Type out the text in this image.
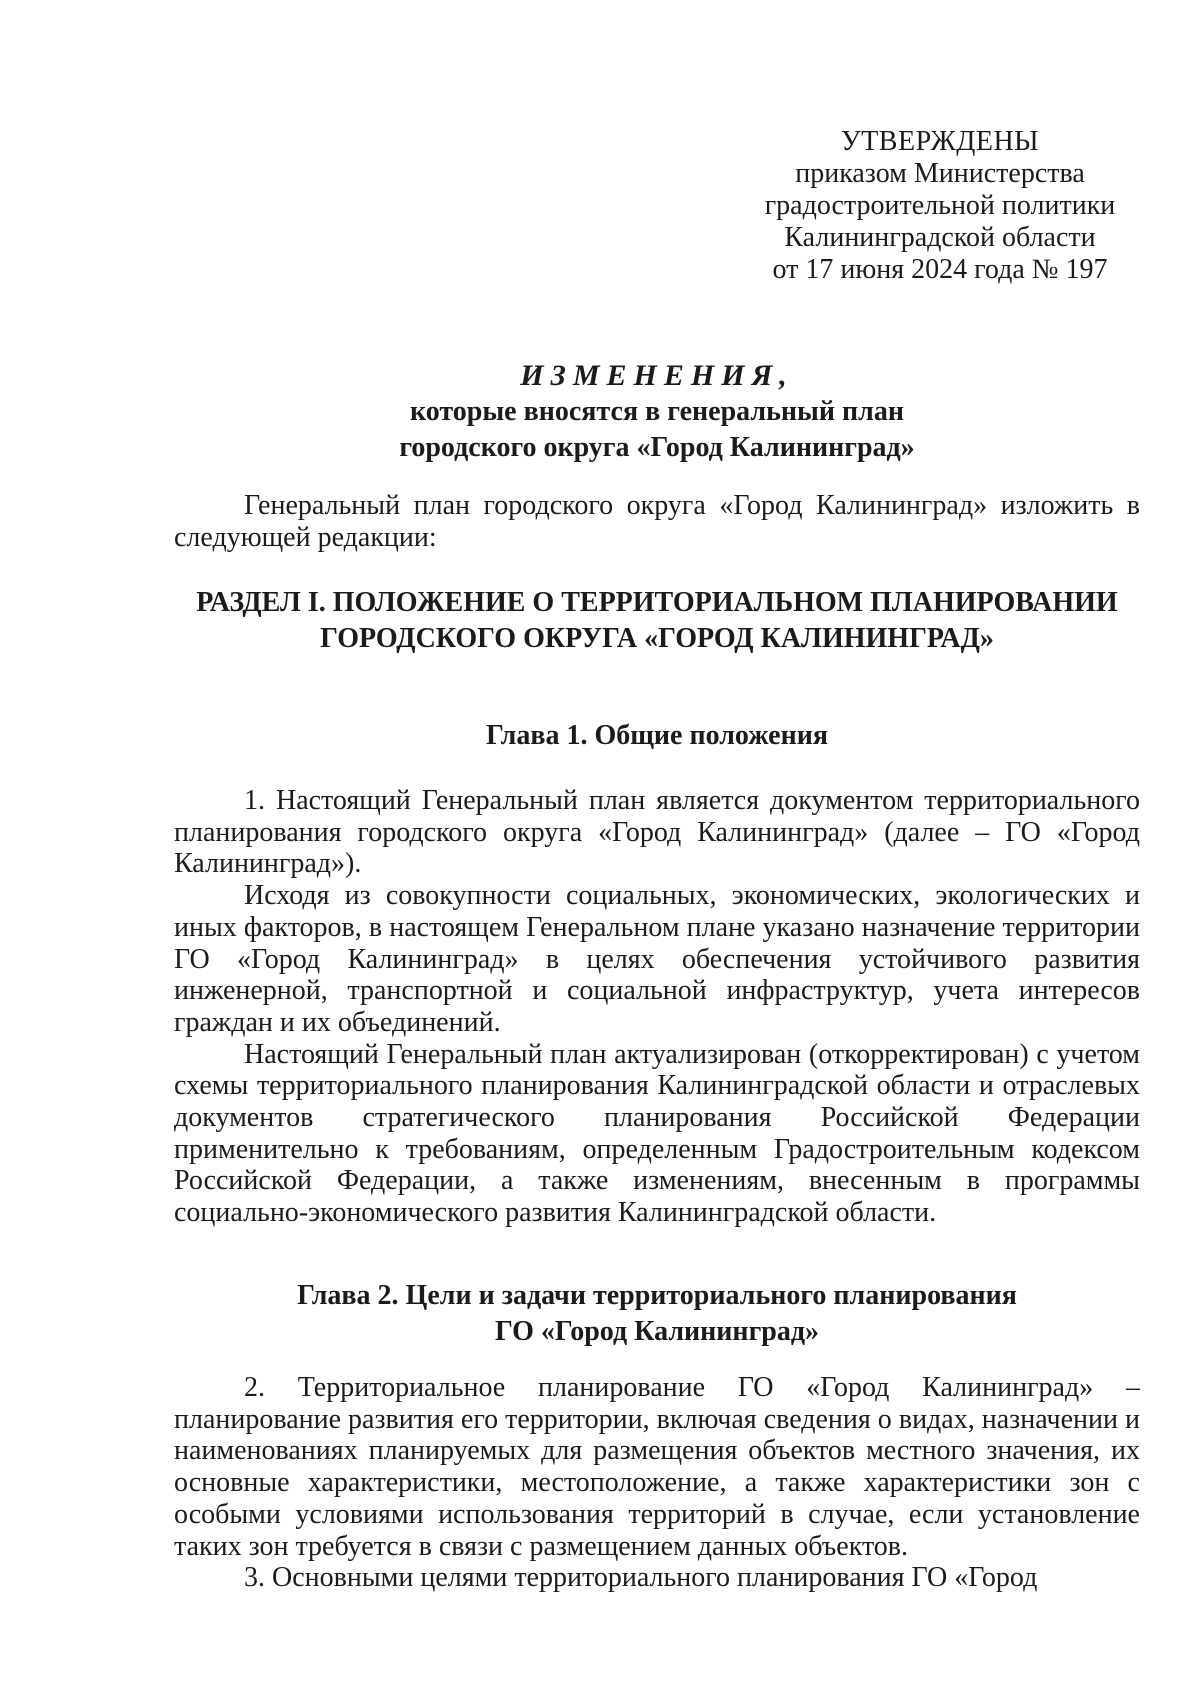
УТВЕРЖДЕНЫ
приказом Министерства
градостроительной политики
Калининградской области
от 17 июня 2024 года № 197
ИЗМЕНЕНИЯ,
которые вносятся в генеральный план
городского округа «Город Калининград»

Генеральный план городского округа «Город Калининград» изложить в следующей редакции:

РАЗДЕЛ I. ПОЛОЖЕНИЕ О ТЕРРИТОРИАЛЬНОМ ПЛАНИРОВАНИИ
ГОРОДСКОГО ОКРУГА «ГОРОД КАЛИНИНГРАД»
Глава 1. Общие положения

1. Настоящий Генеральный план является документом территориального планирования городского округа «Город Калининград» (далее – ГО «Город Калининград»).

Исходя из совокупности социальных, экономических, экологических и иных факторов, в настоящем Генеральном плане указано назначение территории ГО «Город Калининград» в целях обеспечения устойчивого развития инженерной, транспортной и социальной инфраструктур, учета интересов граждан и их объединений.

Настоящий Генеральный план актуализирован (откорректирован) с учетом схемы территориального планирования Калининградской области и отраслевых документов стратегического планирования Российской Федерации применительно к требованиям, определенным Градостроительным кодексом Российской Федерации, а также изменениям, внесенным в программы социально-экономического развития Калининградской области.

Глава 2. Цели и задачи территориального планирования
ГО «Город Калининград»

2. Территориальное планирование ГО «Город Калининград» – планирование развития его территории, включая сведения о видах, назначении и наименованиях планируемых для размещения объектов местного значения, их основные характеристики, местоположение, а также характеристики зон с особыми условиями использования территорий в случае, если установление таких зон требуется в связи с размещением данных объектов.

3. Основными целями территориального планирования ГО «Город
